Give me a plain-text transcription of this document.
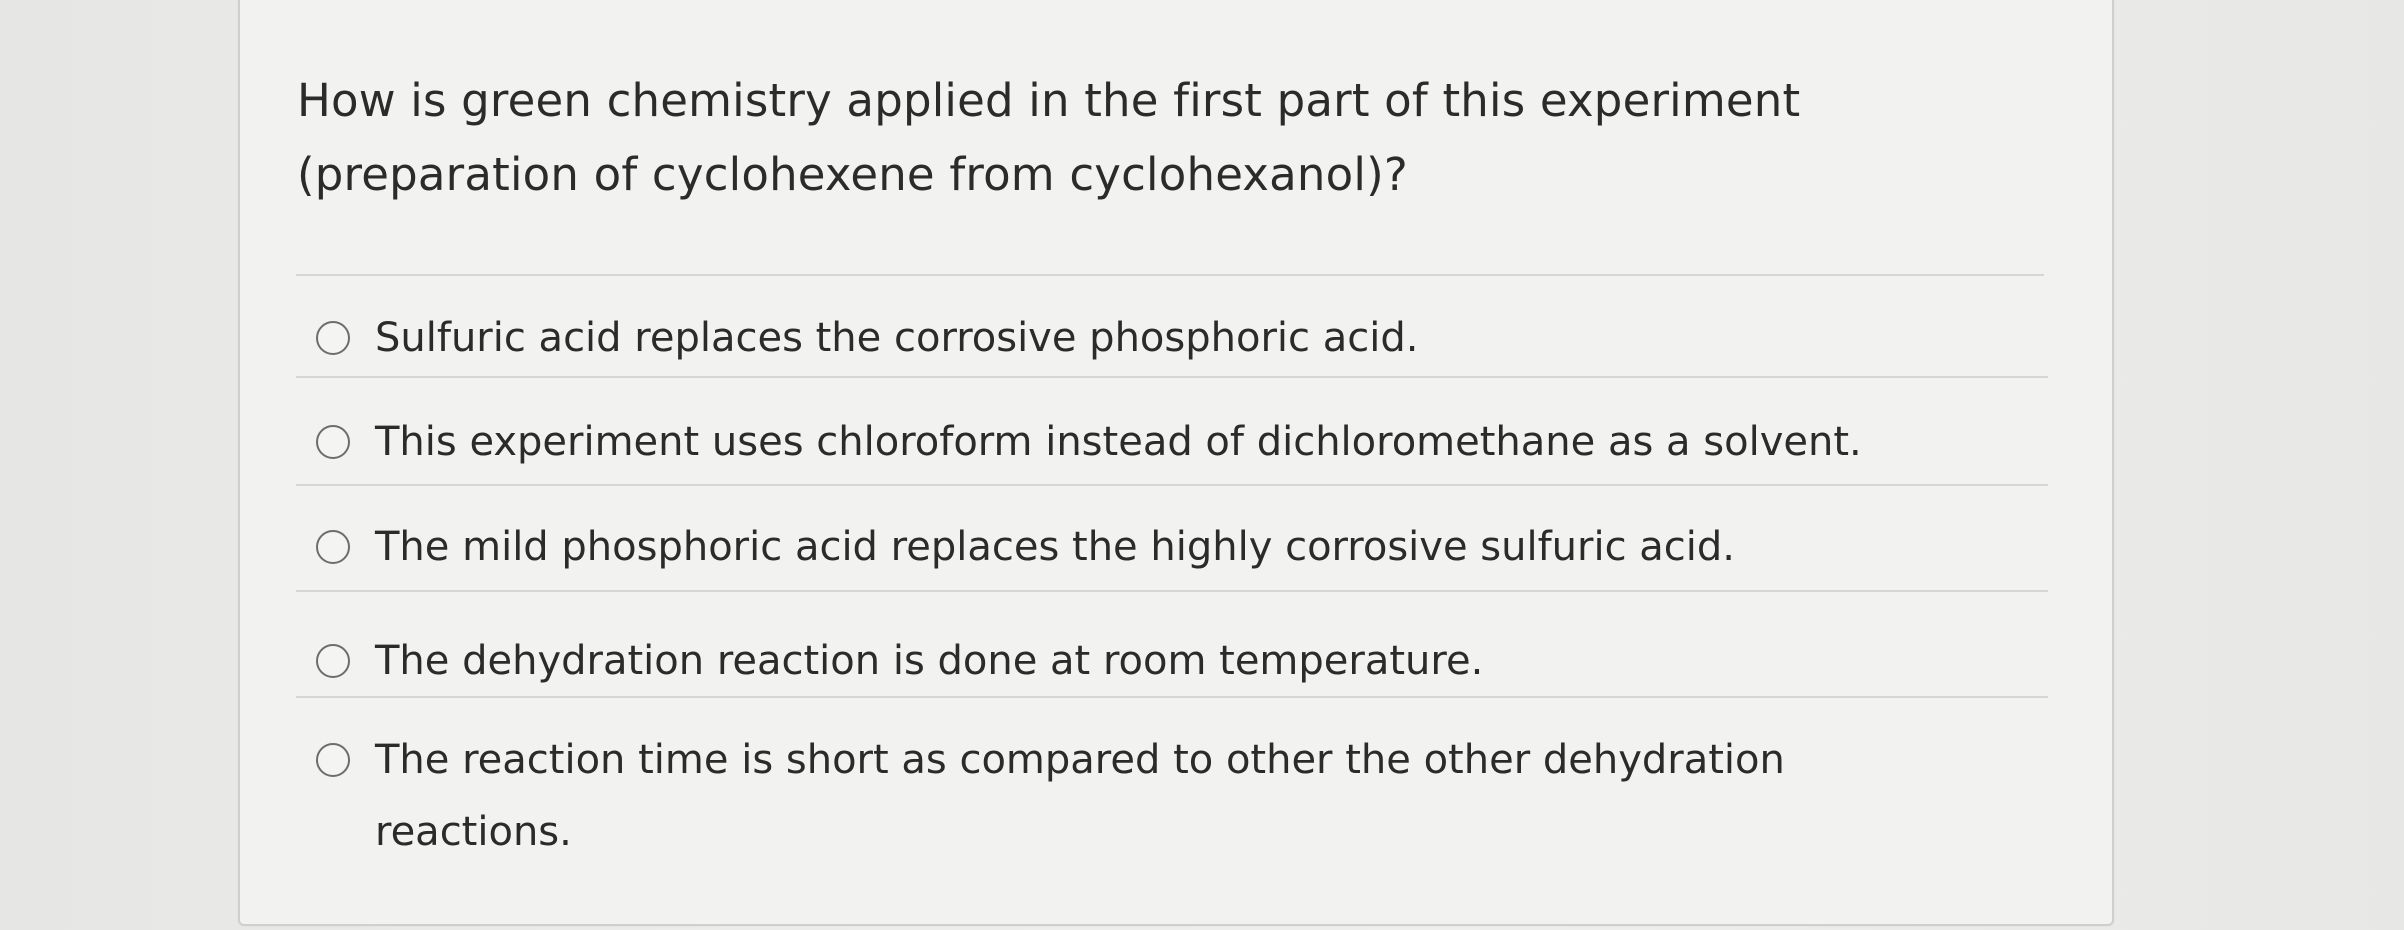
How is green chemistry applied in the first part of this experiment (preparation of cyclohexene from cyclohexanol)?

Sulfuric acid replaces the corrosive phosphoric acid.
This experiment uses chloroform instead of dichloromethane as a solvent.
The mild phosphoric acid replaces the highly corrosive sulfuric acid.
The dehydration reaction is done at room temperature.
The reaction time is short as compared to other the other dehydration reactions.
